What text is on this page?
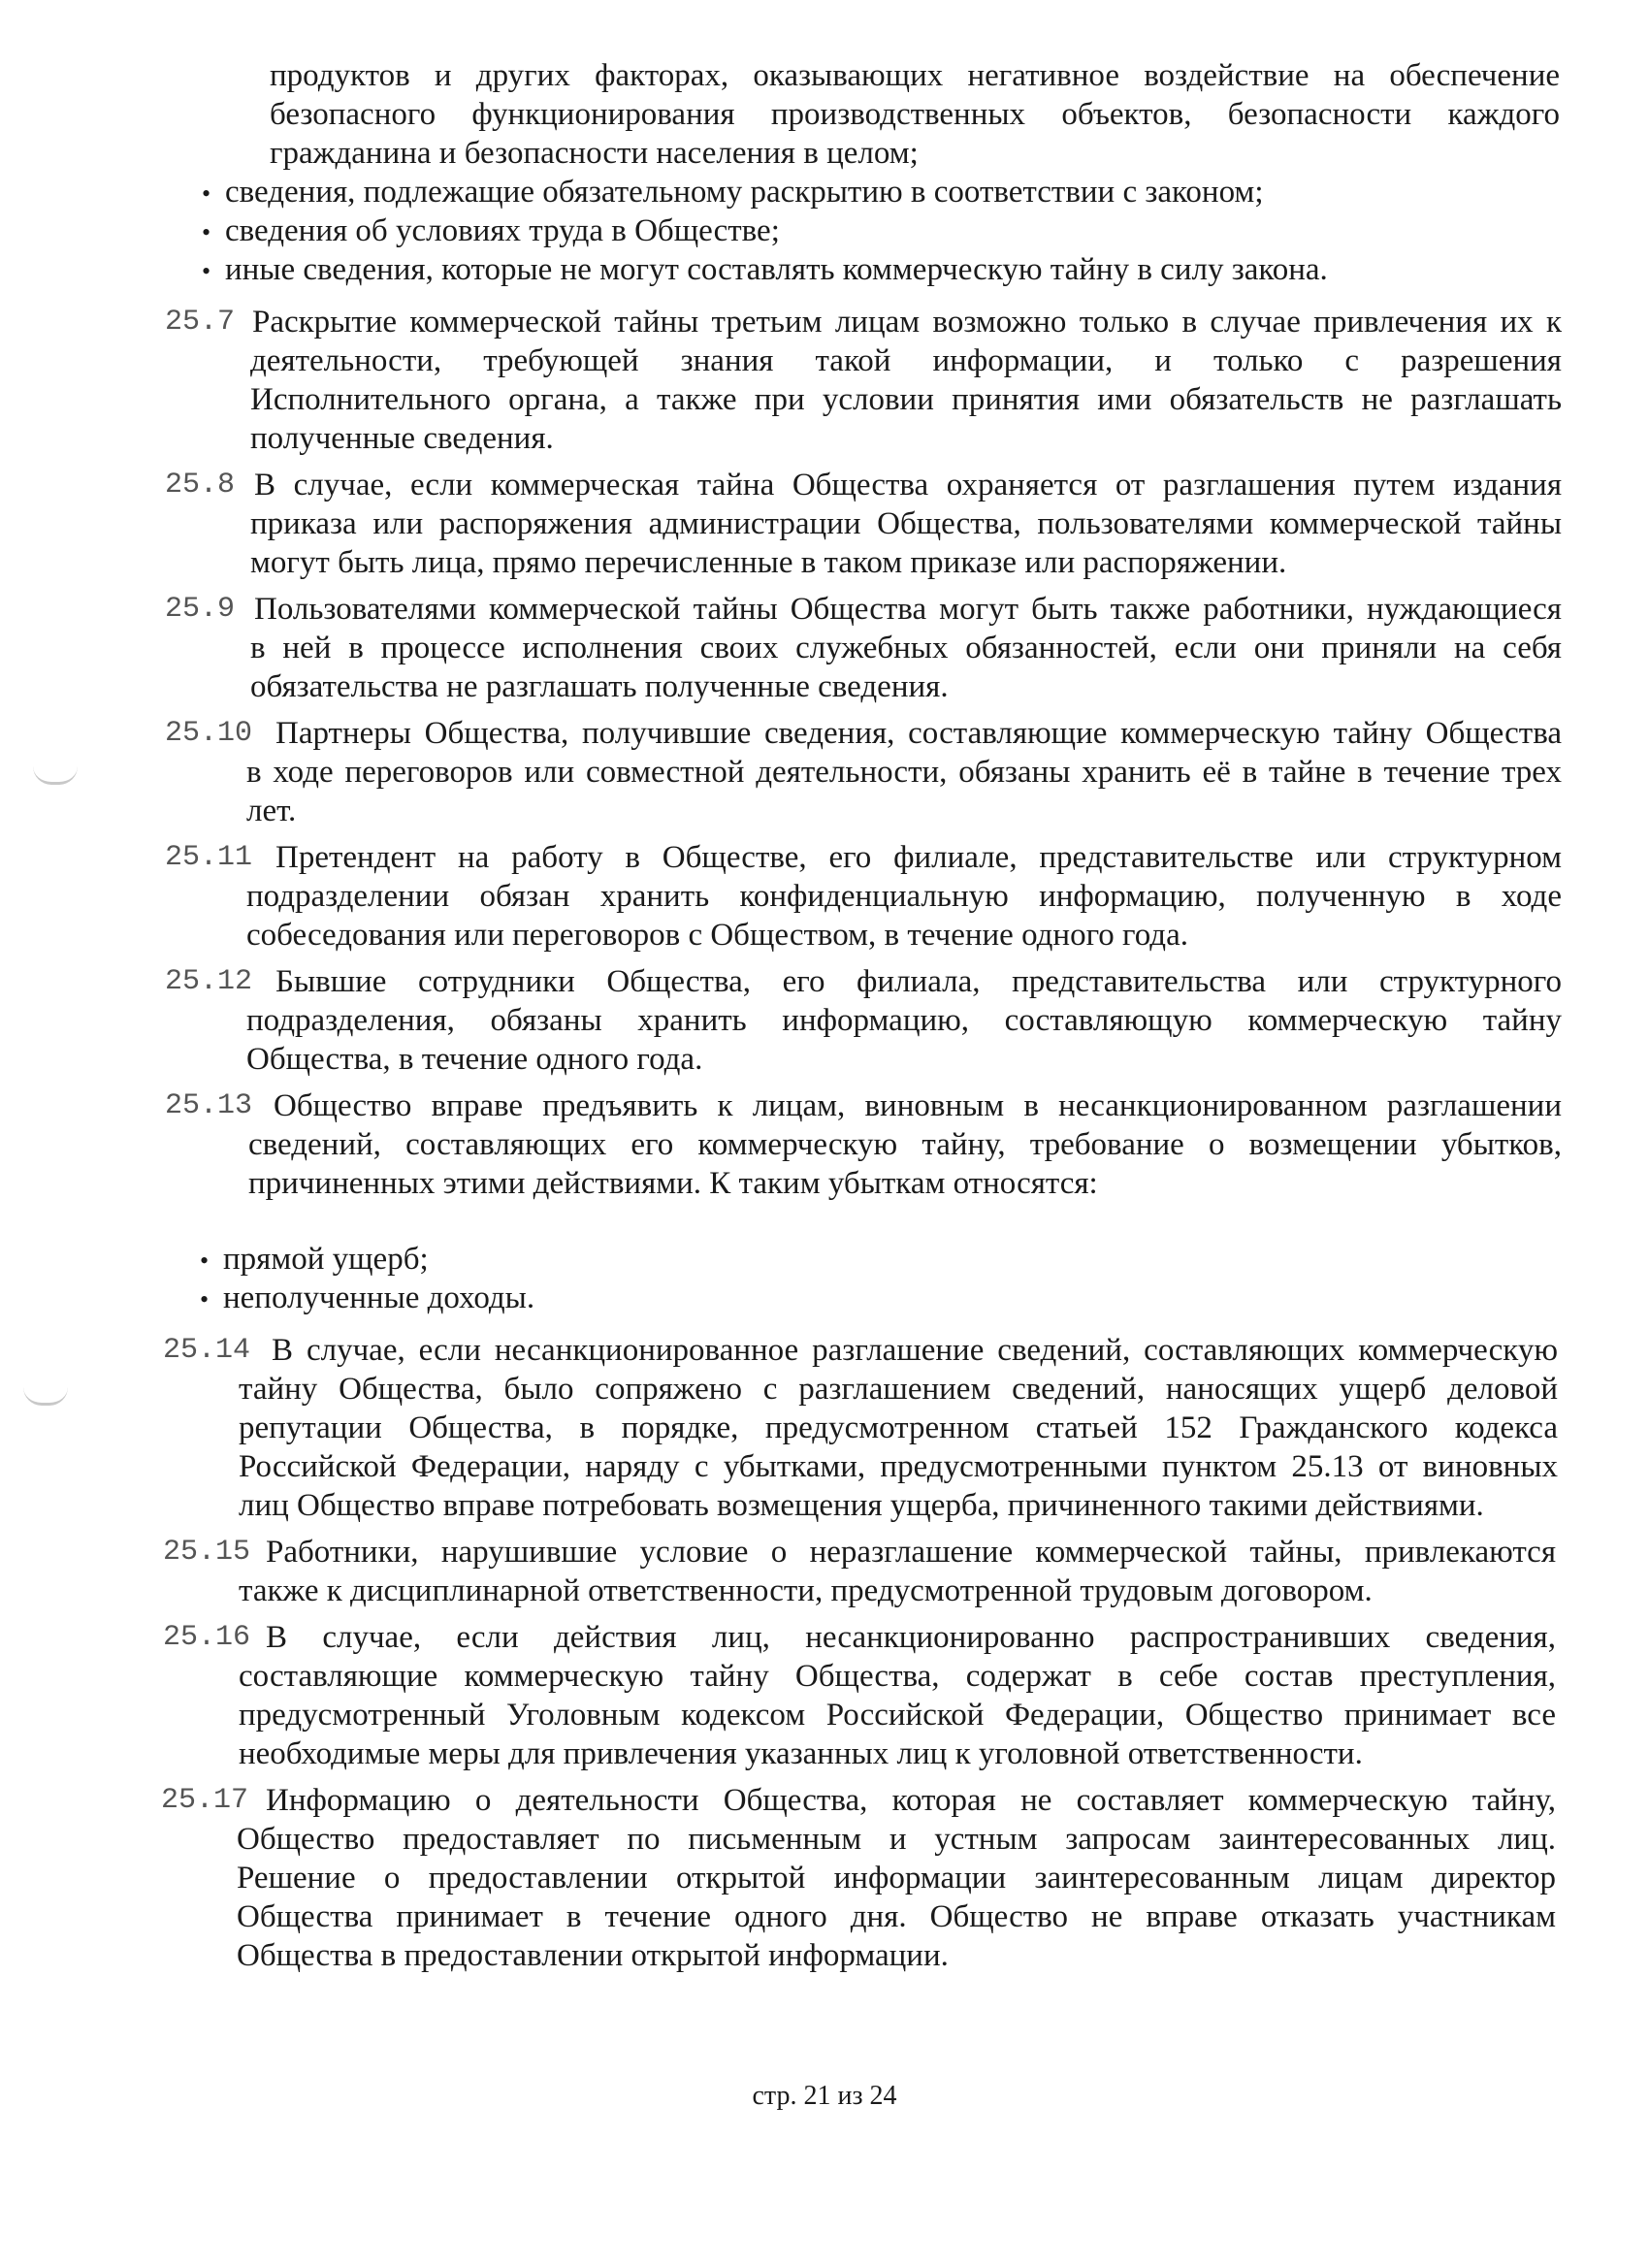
продуктов и других факторах, оказывающих негативное воздействие на обеспечение
безопасного функционирования производственных объектов, безопасности каждого
гражданина и безопасности населения в целом;
• сведения, подлежащие обязательному раскрытию в соответствии с законом;
• сведения об условиях труда в Обществе;
• иные сведения, которые не могут составлять коммерческую тайну в силу закона.
25.7 Раскрытие коммерческой тайны третьим лицам возможно только в случае привлечения их к
деятельности, требующей знания такой информации, и только с разрешения
Исполнительного органа, а также при условии принятия ими обязательств не разглашать
полученные сведения.
25.8 В случае, если коммерческая тайна Общества охраняется от разглашения путем издания
приказа или распоряжения администрации Общества, пользователями коммерческой тайны
могут быть лица, прямо перечисленные в таком приказе или распоряжении.
25.9 Пользователями коммерческой тайны Общества могут быть также работники, нуждающиеся
в ней в процессе исполнения своих служебных обязанностей, если они приняли на себя
обязательства не разглашать полученные сведения.
25.10 Партнеры Общества, получившие сведения, составляющие коммерческую тайну Общества
в ходе переговоров или совместной деятельности, обязаны хранить её в тайне в течение трех
лет.
25.11 Претендент на работу в Обществе, его филиале, представительстве или структурном
подразделении обязан хранить конфиденциальную информацию, полученную в ходе
собеседования или переговоров с Обществом, в течение одного года.
25.12 Бывшие сотрудники Общества, его филиала, представительства или структурного
подразделения, обязаны хранить информацию, составляющую коммерческую тайну
Общества, в течение одного года.
25.13 Общество вправе предъявить к лицам, виновным в несанкционированном разглашении
сведений, составляющих его коммерческую тайну, требование о возмещении убытков,
причиненных этими действиями. К таким убыткам относятся:
• прямой ущерб;
• неполученные доходы.
25.14 В случае, если несанкционированное разглашение сведений, составляющих коммерческую
тайну Общества, было сопряжено с разглашением сведений, наносящих ущерб деловой
репутации Общества, в порядке, предусмотренном статьей 152 Гражданского кодекса
Российской Федерации, наряду с убытками, предусмотренными пунктом 25.13 от виновных
лиц Общество вправе потребовать возмещения ущерба, причиненного такими действиями.
25.15 Работники, нарушившие условие о неразглашение коммерческой тайны, привлекаются
также к дисциплинарной ответственности, предусмотренной трудовым договором.
25.16 В случае, если действия лиц, несанкционированно распространивших сведения,
составляющие коммерческую тайну Общества, содержат в себе состав преступления,
предусмотренный Уголовным кодексом Российской Федерации, Общество принимает все
необходимые меры для привлечения указанных лиц к уголовной ответственности.
25.17 Информацию о деятельности Общества, которая не составляет коммерческую тайну,
Общество предоставляет по письменным и устным запросам заинтересованных лиц.
Решение о предоставлении открытой информации заинтересованным лицам директор
Общества принимает в течение одного дня. Общество не вправе отказать участникам
Общества в предоставлении открытой информации.
стр. 21 из 24
